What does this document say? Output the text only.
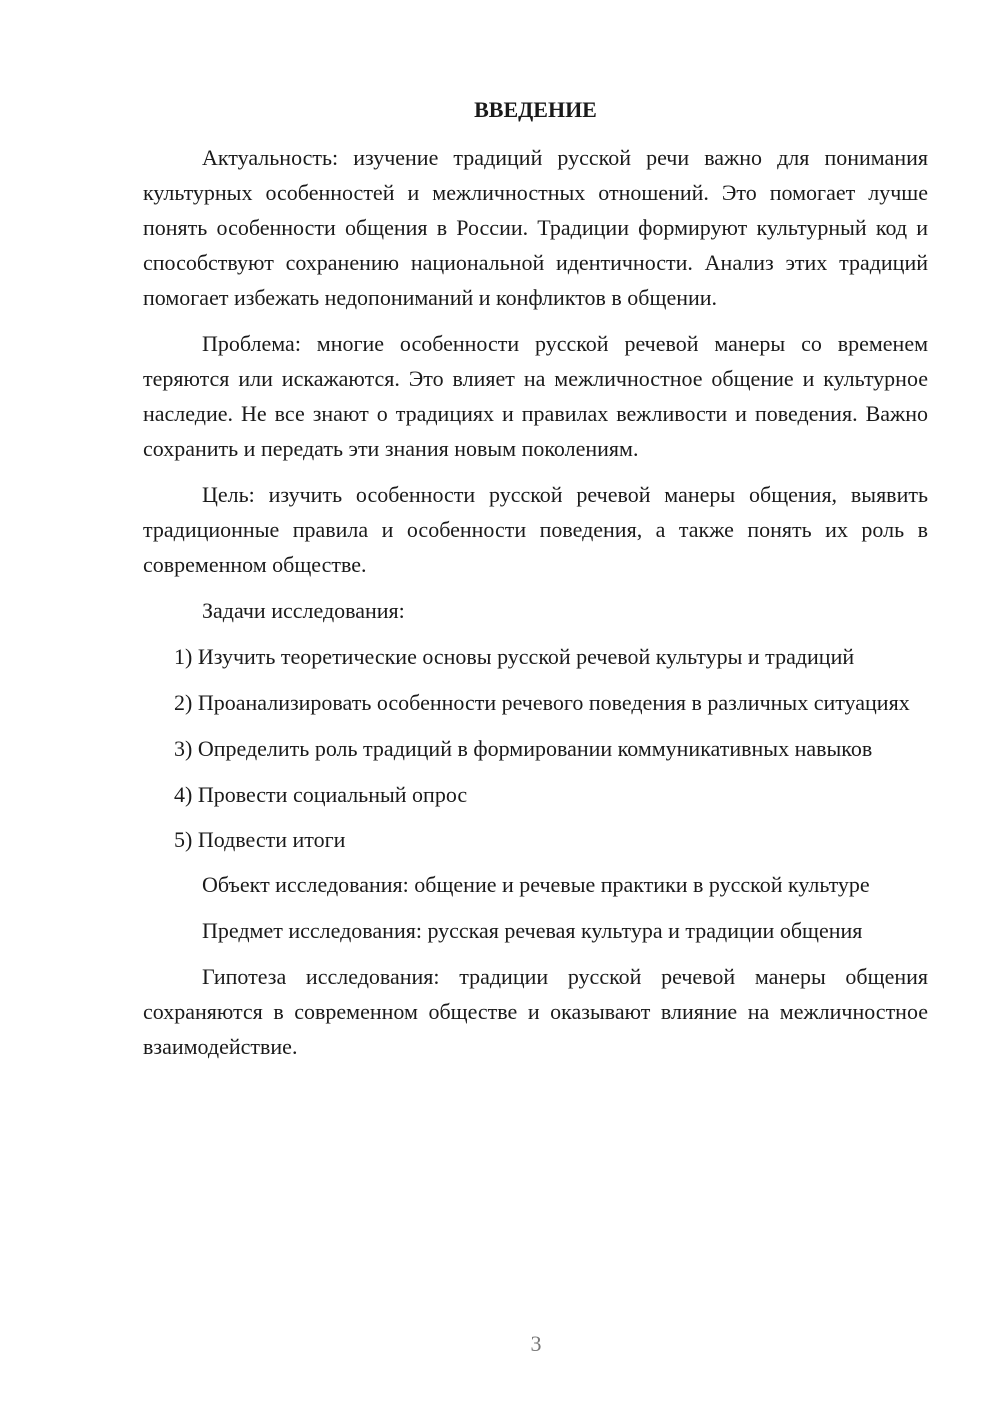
ВВЕДЕНИЕ

Актуальность: изучение традиций русской речи важно для понимания культурных особенностей и межличностных отношений. Это помогает лучше понять особенности общения в России. Традиции формируют культурный код и способствуют сохранению национальной идентичности. Анализ этих традиций помогает избежать недопониманий и конфликтов в общении.

Проблема: многие особенности русской речевой манеры со временем теряются или искажаются. Это влияет на межличностное общение и культурное наследие. Не все знают о традициях и правилах вежливости и поведения. Важно сохранить и передать эти знания новым поколениям.

Цель: изучить особенности русской речевой манеры общения, выявить традиционные правила и особенности поведения, а также понять их роль в современном обществе.

Задачи исследования:

1) Изучить теоретические основы русской речевой культуры и традиций

2) Проанализировать особенности речевого поведения в различных ситуациях

3) Определить роль традиций в формировании коммуникативных навыков

4) Провести социальный опрос

5) Подвести итоги

Объект исследования: общение и речевые практики в русской культуре

Предмет исследования: русская речевая культура и традиции общения

Гипотеза исследования: традиции русской речевой манеры общения сохраняются в современном обществе и оказывают влияние на межличностное взаимодействие.

3
